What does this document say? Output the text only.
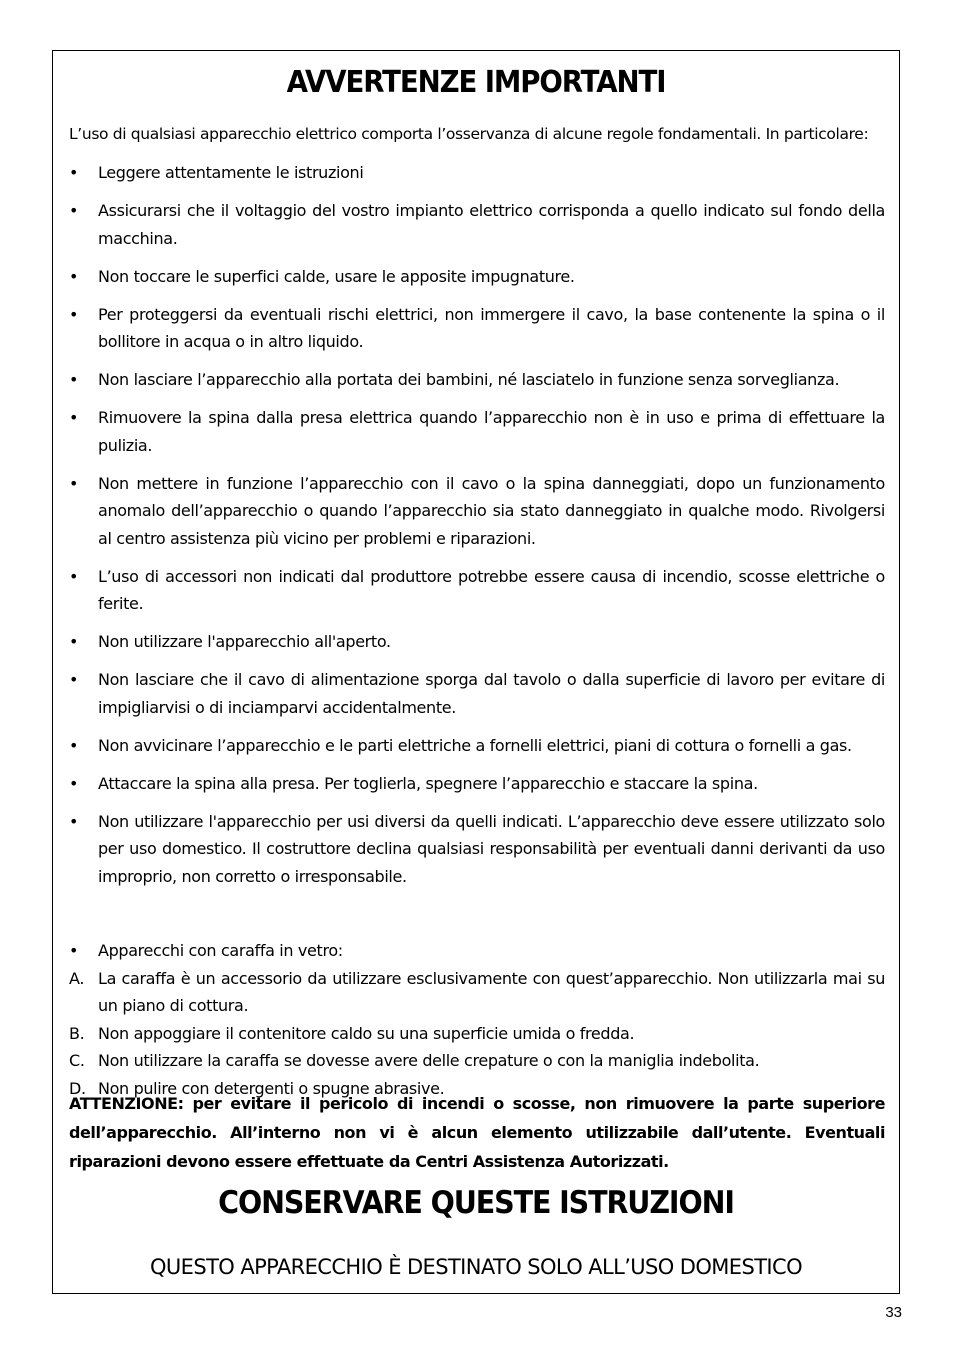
AVVERTENZE IMPORTANTI

L’uso di qualsiasi apparecchio elettrico comporta l’osservanza di alcune regole fondamentali. In particolare:

•	Leggere attentamente le istruzioni
•	Assicurarsi che il voltaggio del vostro impianto elettrico corrisponda a quello indicato sul fondo della macchina.
•	Non toccare le superfici calde, usare le apposite impugnature.
•	Per proteggersi da eventuali rischi elettrici, non immergere il cavo, la base contenente la spina o il bollitore in acqua o in altro liquido.
•	Non lasciare l’apparecchio alla portata dei bambini, né lasciatelo in funzione senza sorveglianza.
•	Rimuovere la spina dalla presa elettrica quando l’apparecchio non è in uso e prima di effettuare la pulizia.
•	Non mettere in funzione l’apparecchio con il cavo o la spina danneggiati, dopo un funzionamento anomalo dell’apparecchio o quando l’apparecchio sia stato danneggiato in qualche modo. Rivolgersi al centro assistenza più vicino per problemi e riparazioni.
•	L’uso di accessori non indicati dal produttore potrebbe essere causa di incendio, scosse elettriche o ferite.
•	Non utilizzare l'apparecchio all'aperto.
•	Non lasciare che il cavo di alimentazione sporga dal tavolo o dalla superficie di lavoro per evitare di impigliarvisi o di inciamparvi accidentalmente.
•	Non avvicinare l’apparecchio e le parti elettriche a fornelli elettrici, piani di cottura o fornelli a gas.
•	Attaccare la spina alla presa. Per toglierla, spegnere l’apparecchio e staccare la spina.
•	Non utilizzare l'apparecchio per usi diversi da quelli indicati. L’apparecchio deve essere utilizzato solo per uso domestico. Il costruttore declina qualsiasi responsabilità per eventuali danni derivanti da uso improprio, non corretto o irresponsabile.
• Apparecchi con caraffa in vetro:
A. La caraffa è un accessorio da utilizzare esclusivamente con quest’apparecchio. Non utilizzarla mai su un piano di cottura.
B. Non appoggiare il contenitore caldo su una superficie umida o fredda.
C. Non utilizzare la caraffa se dovesse avere delle crepature o con la maniglia indebolita.
D. Non pulire con detergenti o spugne abrasive.

ATTENZIONE: per evitare il pericolo di incendi o scosse, non rimuovere la parte superiore dell’apparecchio. All’interno non vi è alcun elemento utilizzabile dall’utente. Eventuali riparazioni devono essere effettuate da Centri Assistenza Autorizzati.

CONSERVARE QUESTE ISTRUZIONI

QUESTO APPARECCHIO È DESTINATO SOLO ALL’USO DOMESTICO

33
